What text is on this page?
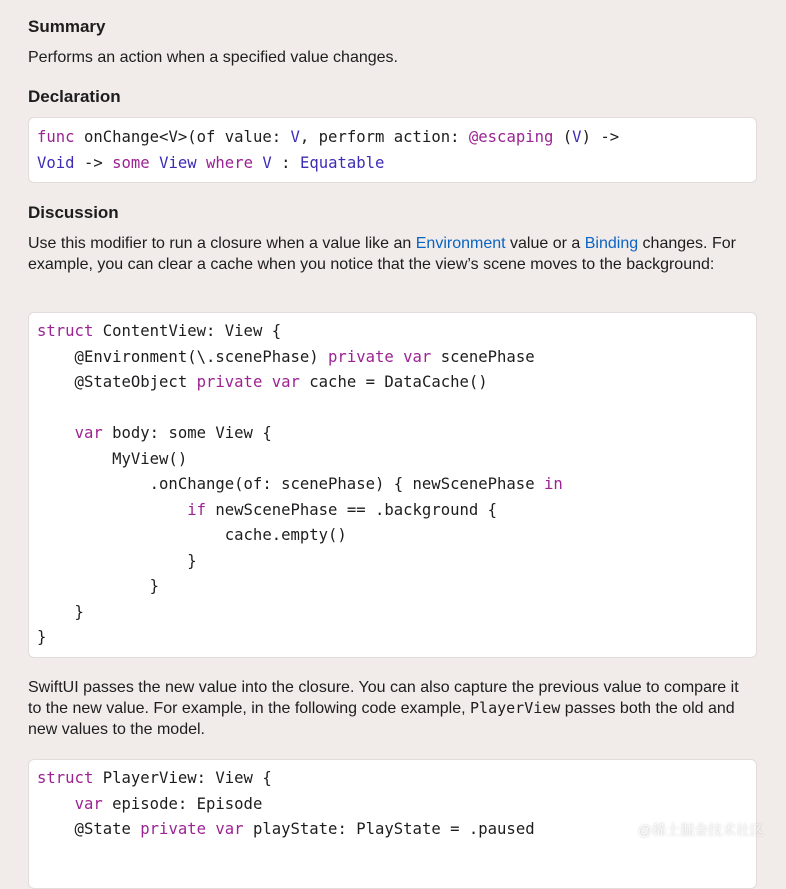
Summary

Performs an action when a specified value changes.

Declaration
func onChange<V>(of value: V, perform action: @escaping (V) ->
Void -> some View where V : Equatable
Discussion

Use this modifier to run a closure when a value like an Environment value or a Binding changes. For example, you can clear a cache when you notice that the view’s scene moves to the background:

struct ContentView: View {
@Environment(\.scenePhase) private var scenePhase
@StateObject private var cache = DataCache()
var body: some View {
MyView()
.onChange(of: scenePhase) { newScenePhase in
if newScenePhase == .background {
cache.empty()
}
}
}
}

SwiftUI passes the new value into the closure. You can also capture the previous value to compare it to the new value. For example, in the following code example, PlayerView passes both the old and new values to the model.

struct PlayerView: View {
var episode: Episode
@State private var playState: PlayState = .paused	@稀土掘金技术社区
